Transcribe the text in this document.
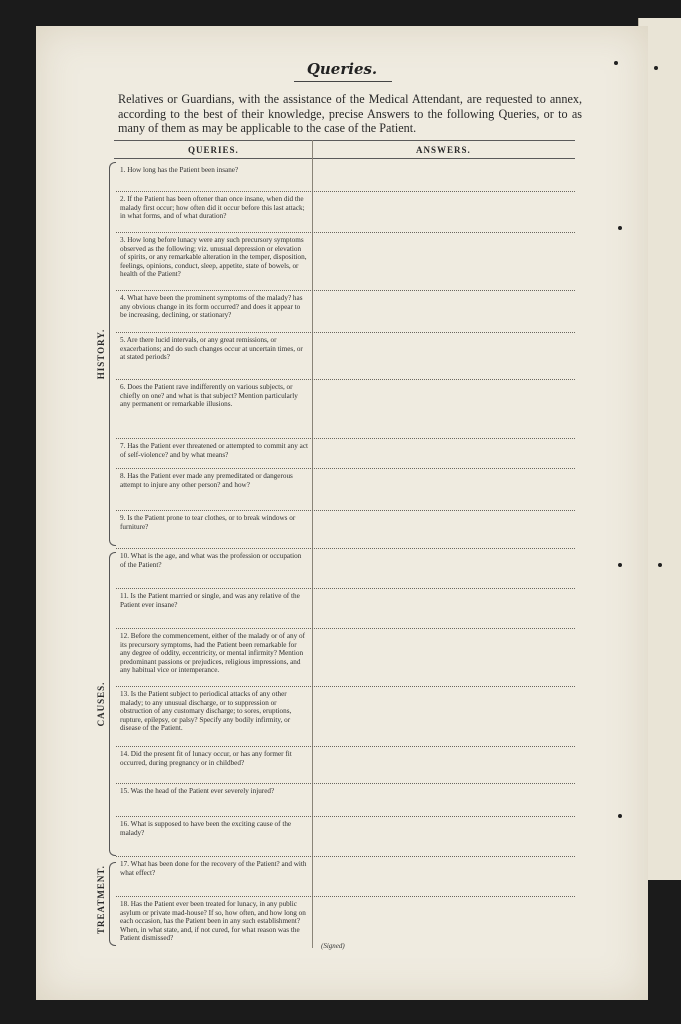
Queries.
Relatives or Guardians, with the assistance of the Medical Attendant, are requested to annex, according to the best of their knowledge, precise Answers to the following Queries, or to as many of them as may be applicable to the case of the Patient.
QUERIES.	ANSWERS.
1. How long has the Patient been insane?
2. If the Patient has been oftener than once insane, when did the malady first occur; how often did it occur before this last attack; in what forms, and of what duration?
3. How long before lunacy were any such precursory symptoms observed as the following; viz. unusual depression or elevation of spirits, or any remarkable alteration in the temper, disposition, feelings, opinions, conduct, sleep, appetite, state of bowels, or health of the Patient?
4. What have been the prominent symptoms of the malady? has any obvious change in its form occurred? and does it appear to be increasing, declining, or stationary?
5. Are there lucid intervals, or any great remissions, or exacerbations; and do such changes occur at uncertain times, or at stated periods?
6. Does the Patient rave indifferently on various subjects, or chiefly on one? and what is that subject? Mention particularly any permanent or remarkable illusions.
7. Has the Patient ever threatened or attempted to commit any act of self-violence? and by what means?
8. Has the Patient ever made any premeditated or dangerous attempt to injure any other person? and how?
9. Is the Patient prone to tear clothes, or to break windows or furniture?
10. What is the age, and what was the profession or occupation of the Patient?
11. Is the Patient married or single, and was any relative of the Patient ever insane?
12. Before the commencement, either of the malady or of any of its precursory symptoms, had the Patient been remarkable for any degree of oddity, eccentricity, or mental infirmity? Mention predominant passions or prejudices, religious impressions, and any habitual vice or intemperance.
13. Is the Patient subject to periodical attacks of any other malady; to any unusual discharge, or to suppression or obstruction of any customary discharge; to sores, eruptions, rupture, epilepsy, or palsy? Specify any bodily infirmity, or disease of the Patient.
14. Did the present fit of lunacy occur, or has any former fit occurred, during pregnancy or in childbed?
15. Was the head of the Patient ever severely injured?
16. What is supposed to have been the exciting cause of the malady?
17. What has been done for the recovery of the Patient? and with what effect?
18. Has the Patient ever been treated for lunacy, in any public asylum or private mad-house? If so, how often, and how long on each occasion, has the Patient been in any such establishment? When, in what state, and, if not cured, for what reason was the Patient dismissed?
HISTORY.
CAUSES.
TREATMENT.
(Signed)
